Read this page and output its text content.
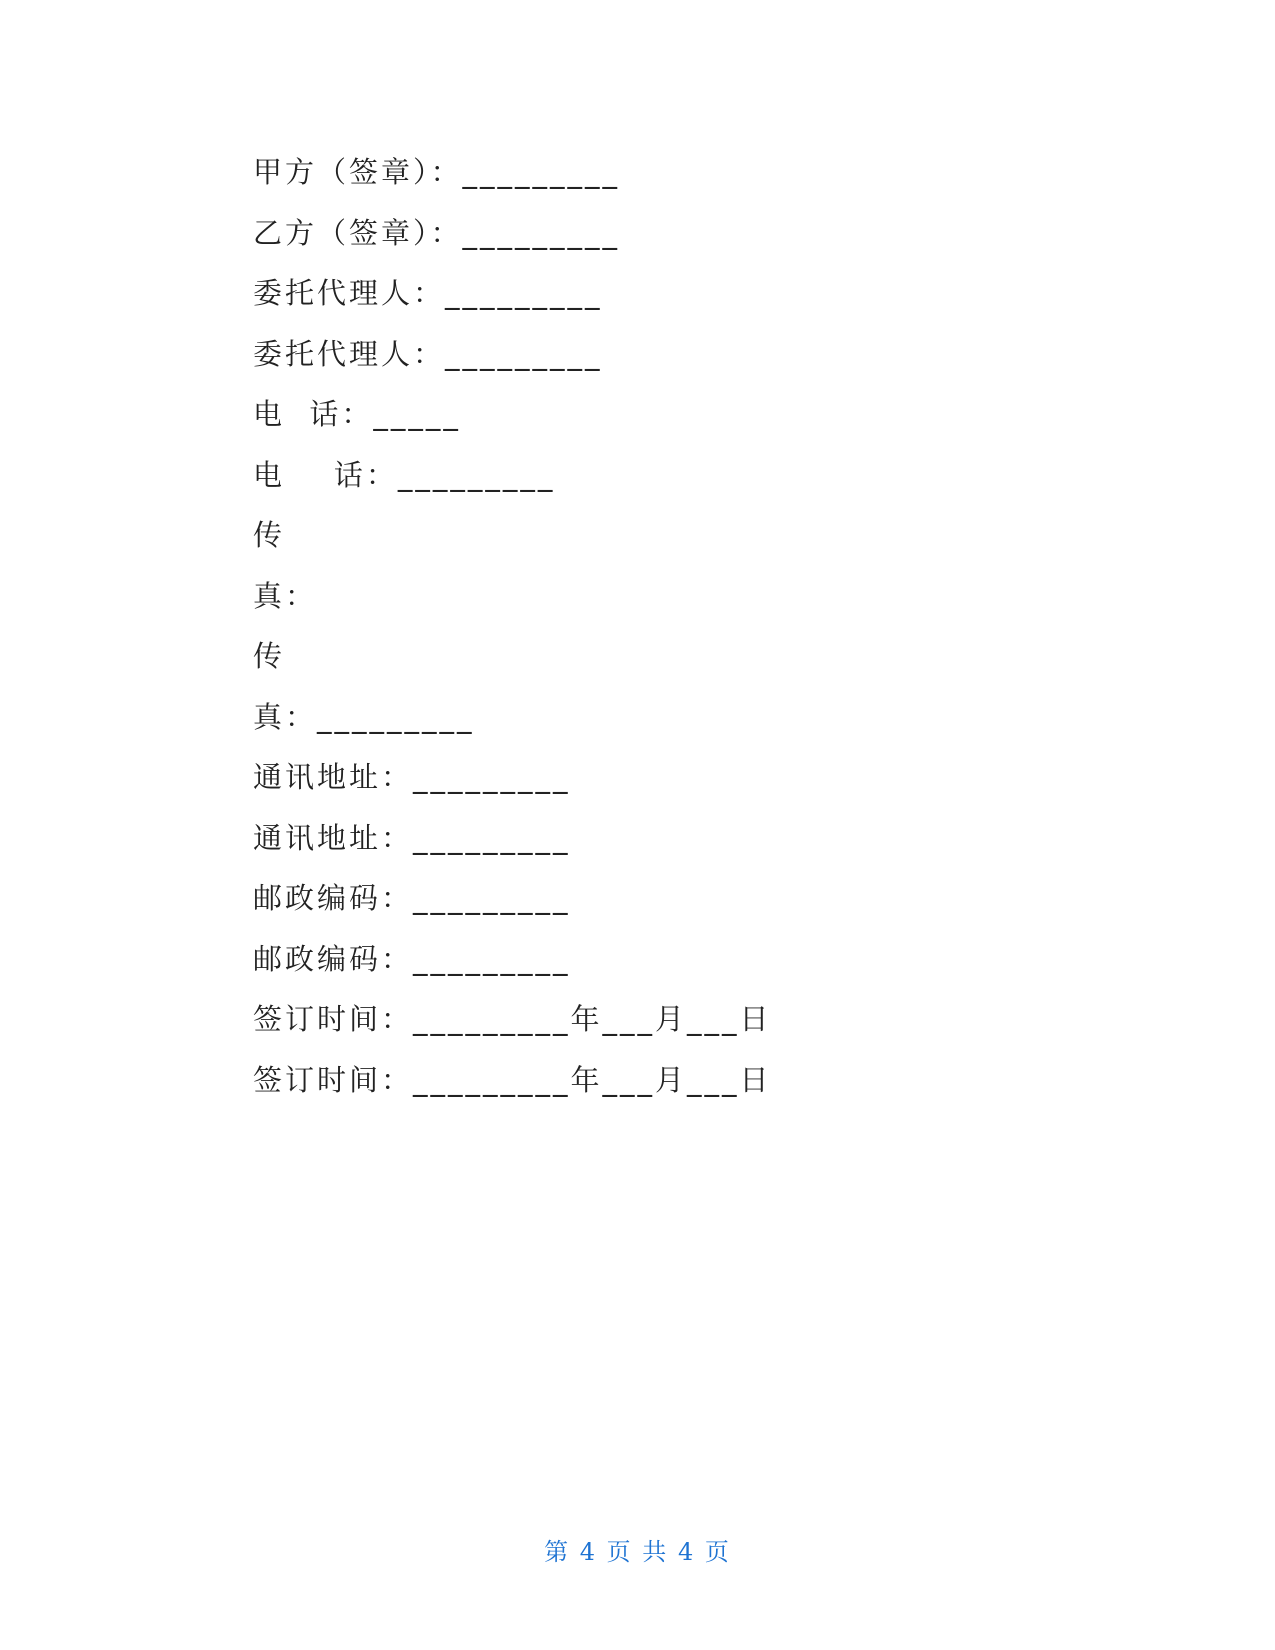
甲方（签章）：_________
乙方（签章）：_________
委托代理人：_________
委托代理人：_________
电  话：_____
电    话：_________
传
真：
传
真：_________
通讯地址：_________
通讯地址：_________
邮政编码：_________
邮政编码：_________
签订时间：_________年___月___日
签订时间：_________年___月___日
第 4 页 共 4 页
